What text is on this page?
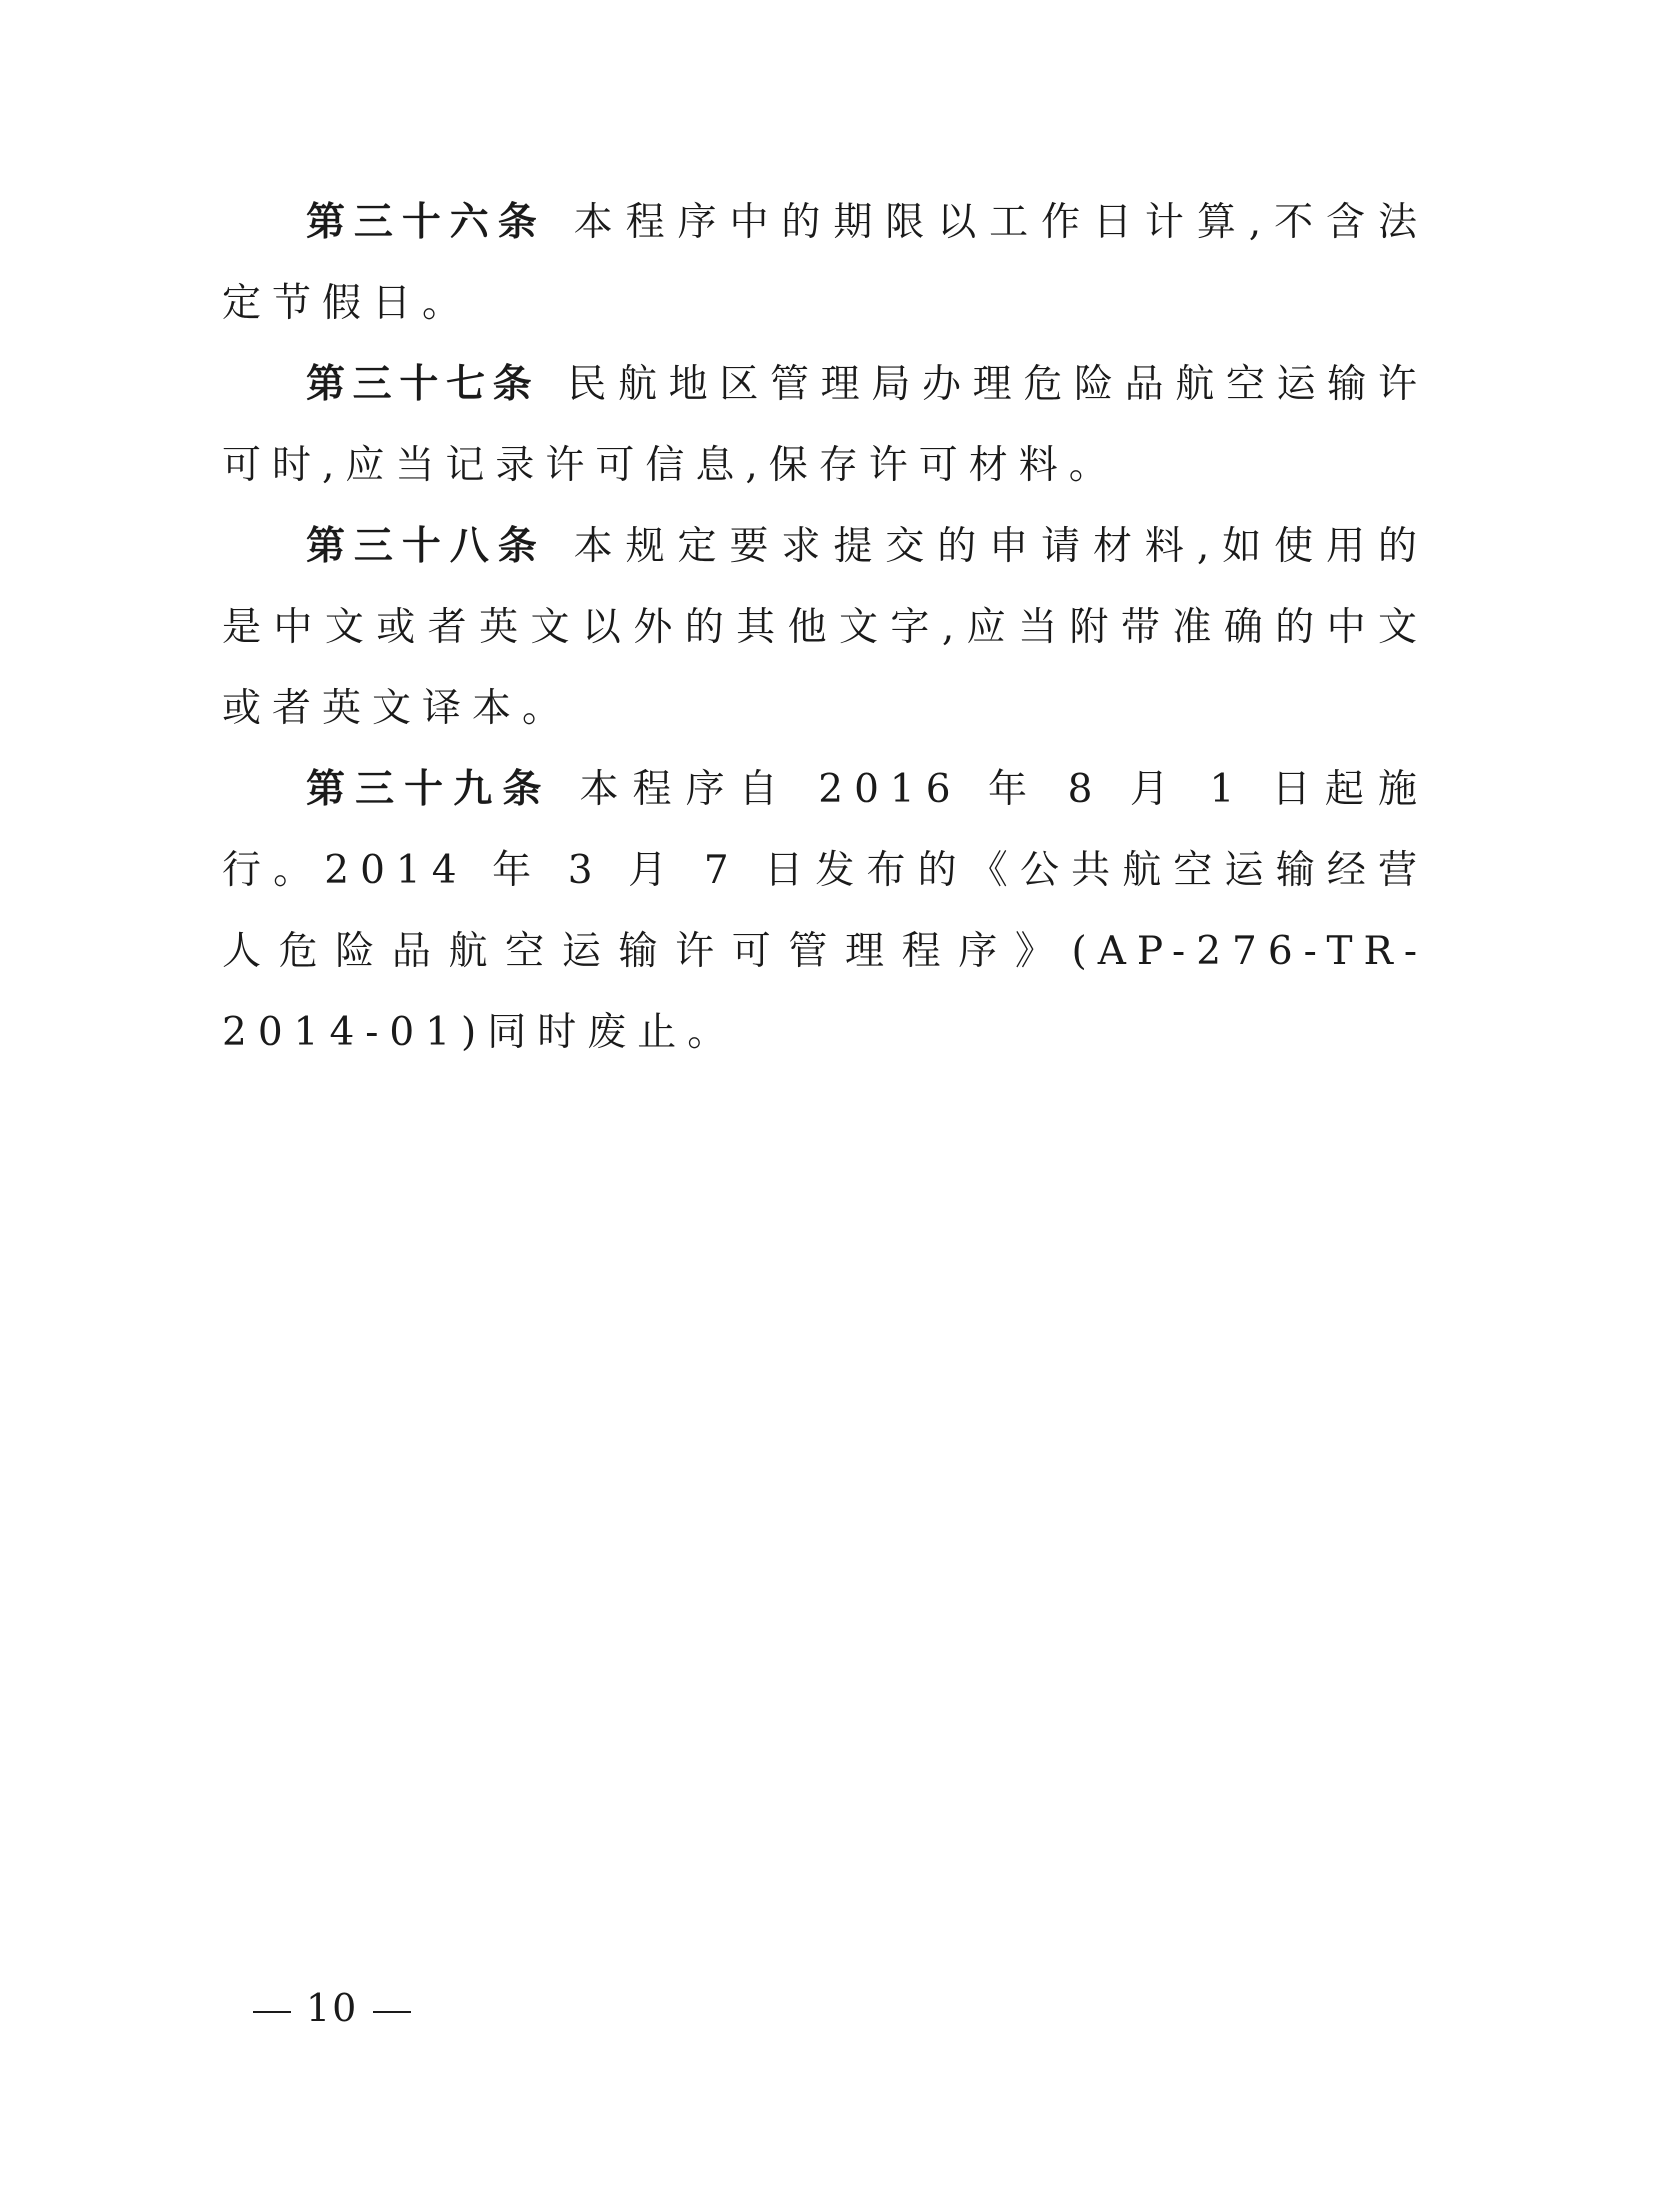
第三十六条 本程序中的期限以工作日计算,不含法定节假日。

第三十七条 民航地区管理局办理危险品航空运输许可时,应当记录许可信息,保存许可材料。

第三十八条 本规定要求提交的申请材料,如使用的是中文或者英文以外的其他文字,应当附带准确的中文或者英文译本。

第三十九条 本程序自 2016 年 8 月 1 日起施行。2014 年 3 月 7 日发布的《公共航空运输经营人危险品航空运输许可管理程序》(AP-276-TR-2014-01)同时废止。

10
